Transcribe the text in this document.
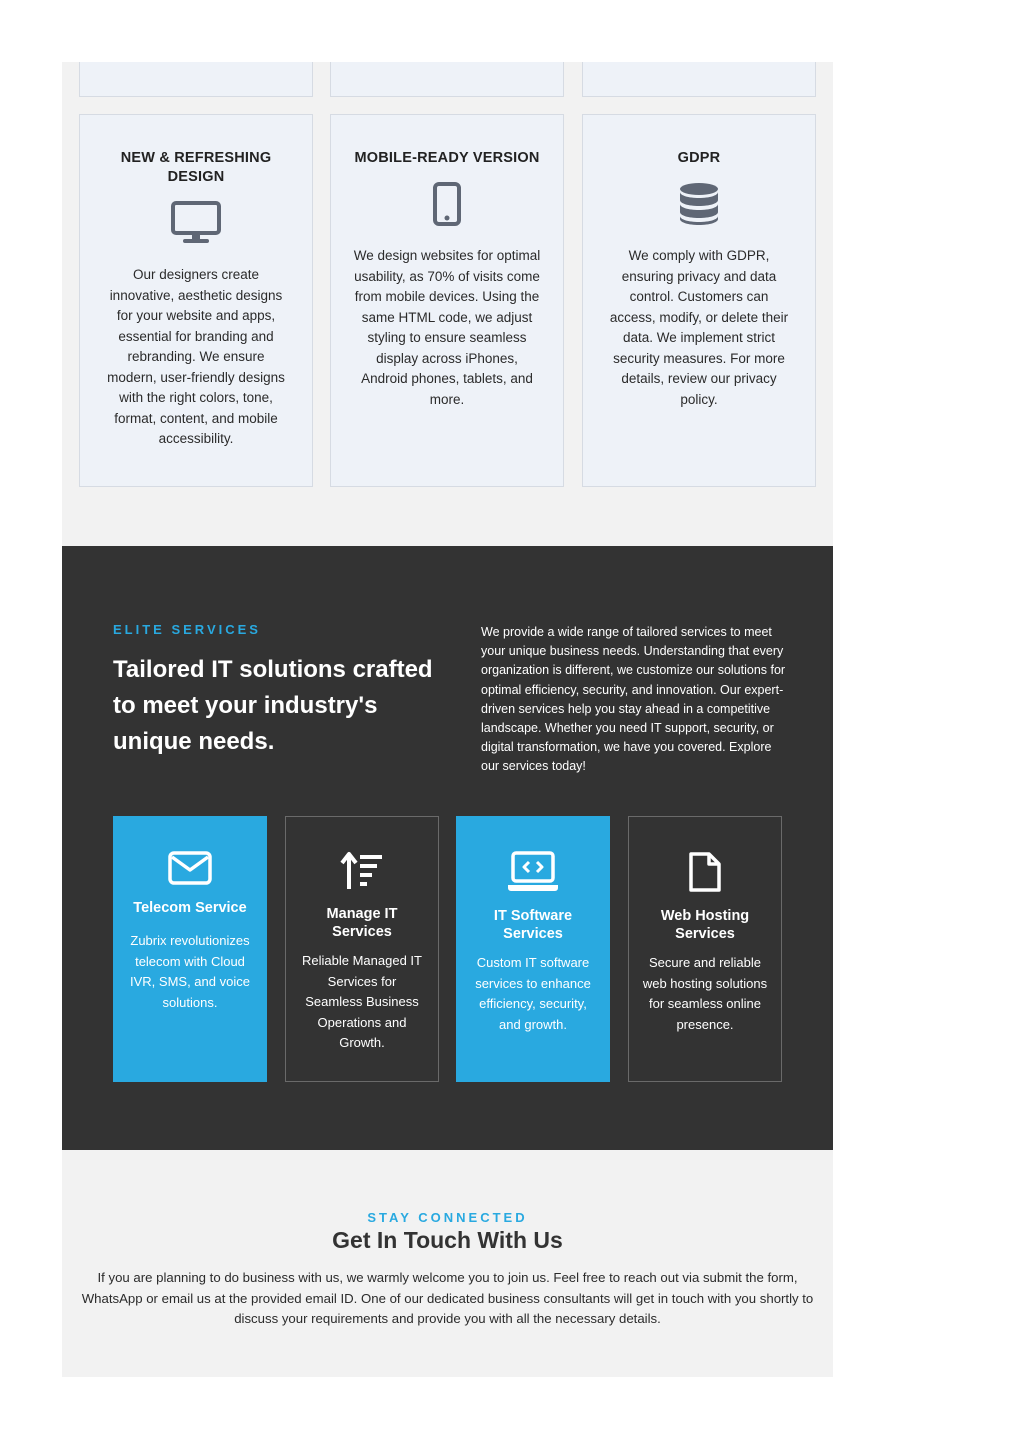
NEW & REFRESHING DESIGN

Our designers create innovative, aesthetic designs for your website and apps, essential for branding and rebranding. We ensure modern, user-friendly designs with the right colors, tone, format, content, and mobile accessibility.

MOBILE-READY VERSION

We design websites for optimal usability, as 70% of visits come from mobile devices. Using the same HTML code, we adjust styling to ensure seamless display across iPhones, Android phones, tablets, and more.

GDPR

We comply with GDPR, ensuring privacy and data control. Customers can access, modify, or delete their data. We implement strict security measures. For more details, review our privacy policy.

ELITE SERVICES
Tailored IT solutions crafted to meet your industry's unique needs.

We provide a wide range of tailored services to meet your unique business needs. Understanding that every organization is different, we customize our solutions for optimal efficiency, security, and innovation. Our expert-driven services help you stay ahead in a competitive landscape. Whether you need IT support, security, or digital transformation, we have you covered. Explore our services today!

Telecom Service

Zubrix revolutionizes telecom with Cloud IVR, SMS, and voice solutions.

Manage IT Services

Reliable Managed IT Services for Seamless Business Operations and Growth.

IT Software Services

Custom IT software services to enhance efficiency, security, and growth.

Web Hosting Services

Secure and reliable web hosting solutions for seamless online presence.

STAY CONNECTED
Get In Touch With Us

If you are planning to do business with us, we warmly welcome you to join us. Feel free to reach out via submit the form, WhatsApp or email us at the provided email ID. One of our dedicated business consultants will get in touch with you shortly to discuss your requirements and provide you with all the necessary details.
